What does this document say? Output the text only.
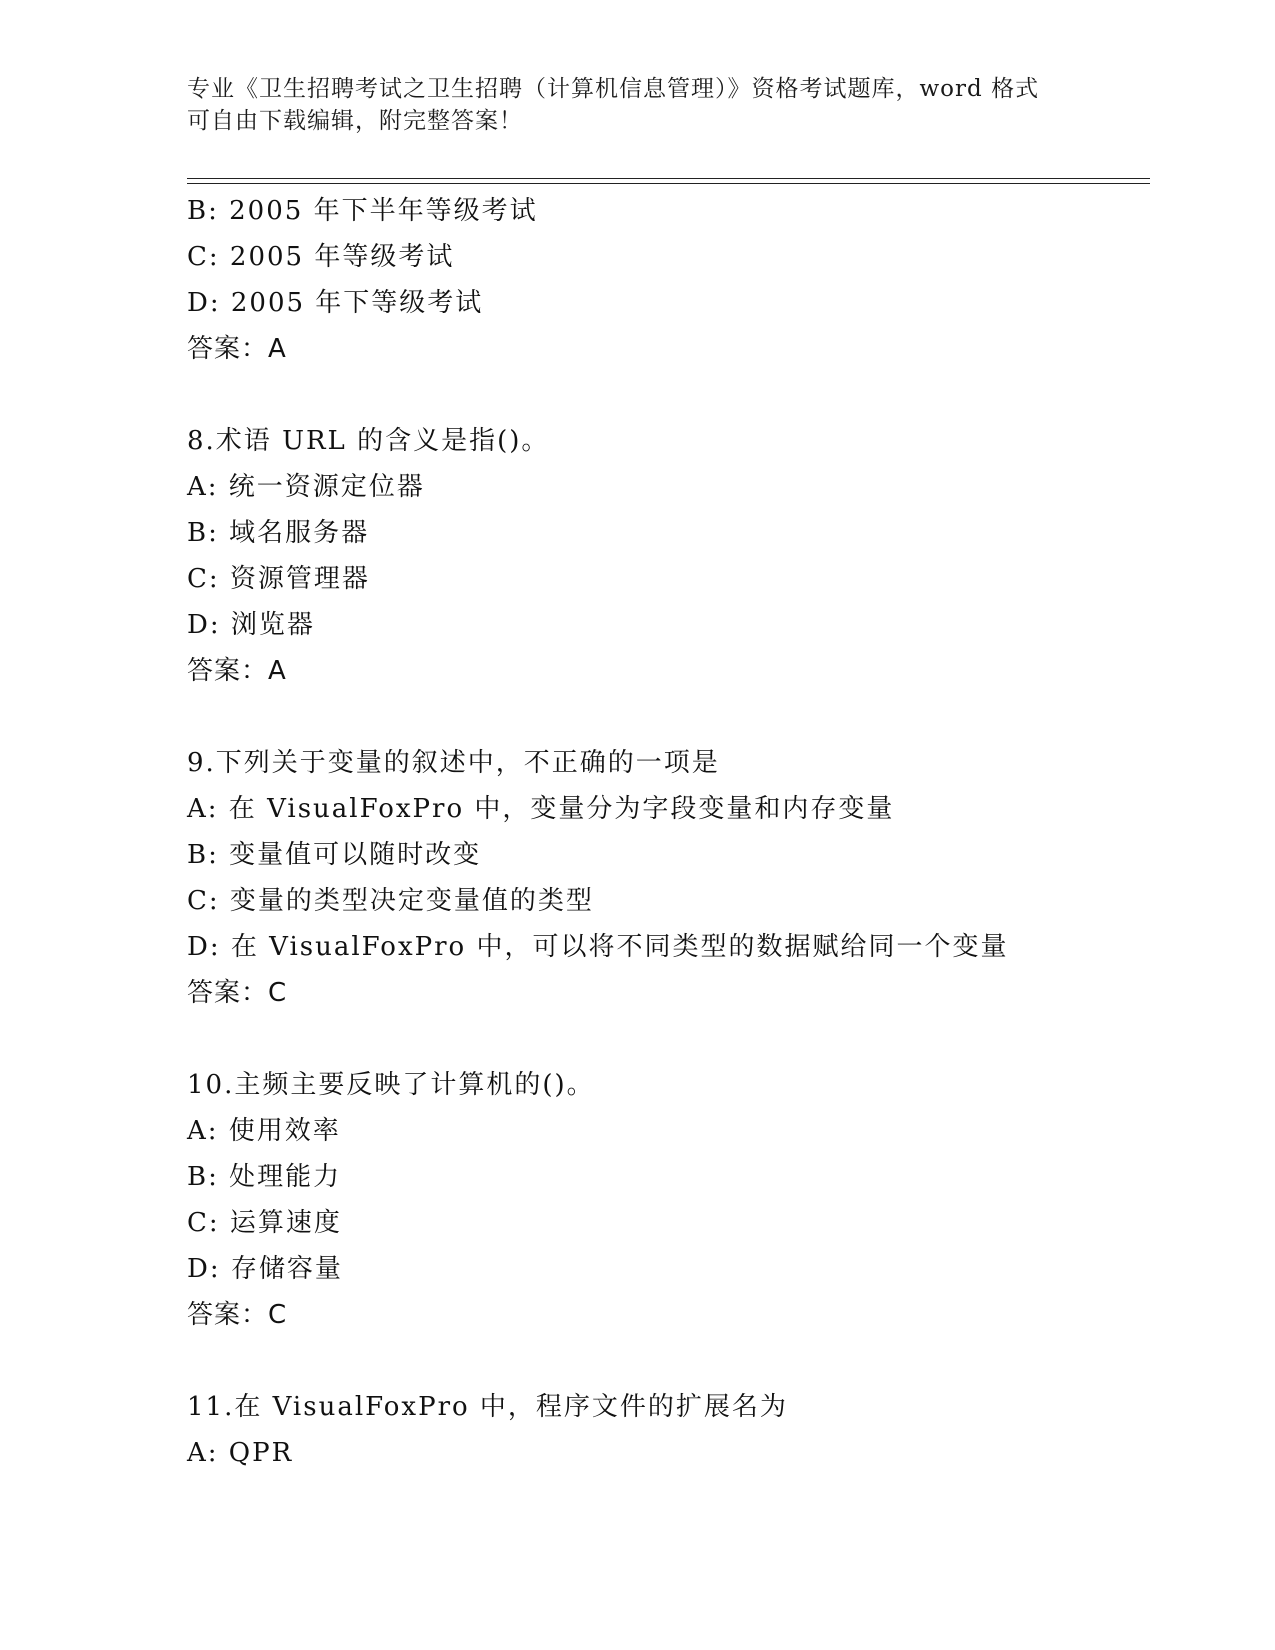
专业《卫生招聘考试之卫生招聘（计算机信息管理）》资格考试题库，word 格式
可自由下载编辑，附完整答案！
B: 2005 年下半年等级考试
C: 2005 年等级考试
D: 2005 年下等级考试
答案：A
8.术语 URL 的含义是指()。
A: 统一资源定位器
B: 域名服务器
C: 资源管理器
D: 浏览器
答案：A
9.下列关于变量的叙述中，不正确的一项是
A: 在 VisualFoxPro 中，变量分为字段变量和内存变量
B: 变量值可以随时改变
C: 变量的类型决定变量值的类型
D: 在 VisualFoxPro 中，可以将不同类型的数据赋给同一个变量
答案：C
10.主频主要反映了计算机的()。
A: 使用效率
B: 处理能力
C: 运算速度
D: 存储容量
答案：C
11.在 VisualFoxPro 中，程序文件的扩展名为
A: QPR
